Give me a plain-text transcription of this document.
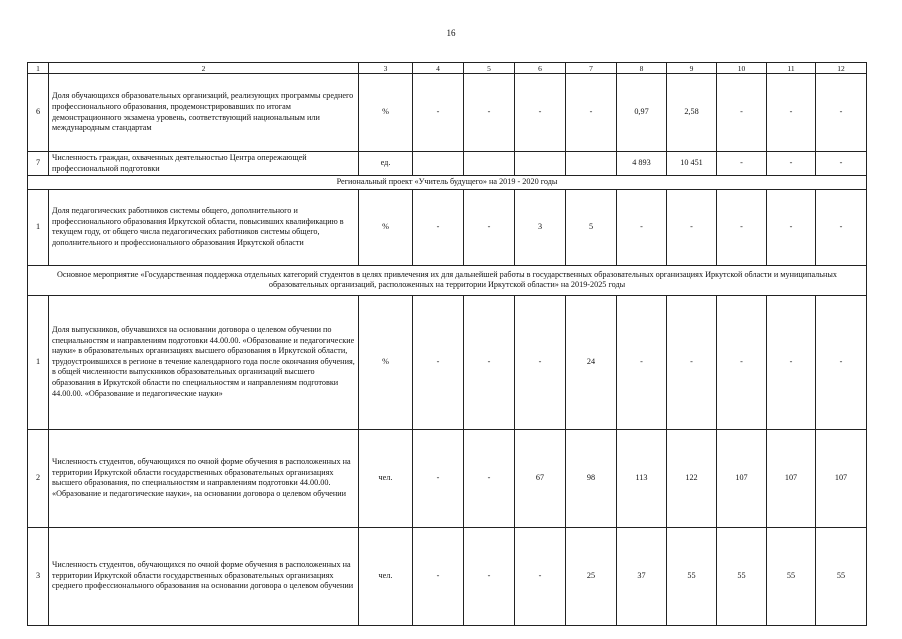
16
1	2	3	4	5	6	7	8	9	10	11	12
6	Доля обучающихся образовательных организаций, реализующих программы среднего профессионального образования, продемонстрировавших по итогам демонстрационного экзамена уровень, соответствующий национальным или международным стандартам	%	-	-	-	-	0,97	2,58	-	-	-
7	Численность граждан, охваченных деятельностью Центра опережающей профессиональной подготовки	ед.					4 893	10 451	-	-	-
Региональный проект «Учитель будущего» на 2019 - 2020 годы											
1	Доля педагогических работников системы общего, дополнительного и профессионального образования Иркутской области, повысивших квалификацию в текущем году, от общего числа педагогических работников системы общего, дополнительного и профессионального образования Иркутской области	%	-	-	3	5	-	-	-	-	-
Основное мероприятие «Государственная поддержка отдельных категорий студентов в целях привлечения их для дальнейшей работы в государственных образовательных организациях Иркутской области и муниципальных образовательных организаций, расположенных на территории Иркутской области» на 2019-2025 годы											
1	Доля выпускников, обучавшихся на основании договора о целевом обучении по специальностям и направлениям подготовки 44.00.00. «Образование и педагогические науки» в образовательных организациях высшего образования в Иркутской области, трудоустроившихся в регионе в течение календарного года после окончания обучения, в общей численности выпускников образовательных организаций высшего образования в Иркутской области по специальностям и направлениям подготовки 44.00.00. «Образование и педагогические науки»	%	-	-	-	24	-	-	-	-	-
2	Численность студентов, обучающихся по очной форме обучения в расположенных на территории Иркутской области государственных образовательных организациях высшего образования, по специальностям и направлениям подготовки 44.00.00. «Образование и педагогические науки», на основании договора о целевом обучении	чел.	-	-	67	98	113	122	107	107	107
3	Численность студентов, обучающихся по очной форме обучения в расположенных на территории Иркутской области государственных образовательных организациях среднего профессионального образования на основании договора о целевом обучении	чел.	-	-	-	25	37	55	55	55	55
